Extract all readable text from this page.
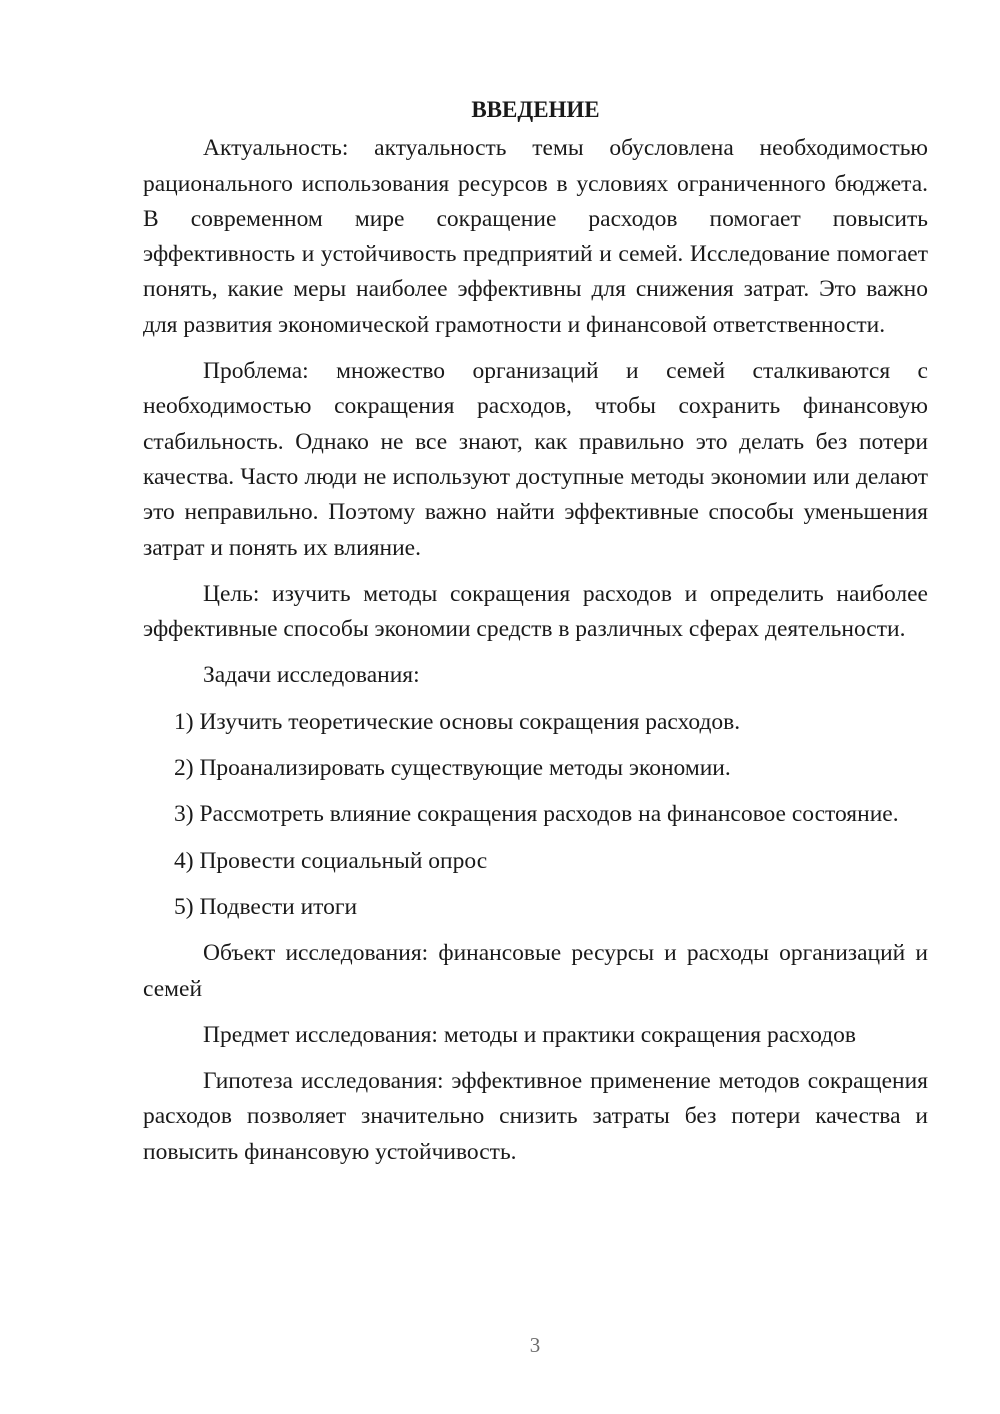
ВВЕДЕНИЕ

Актуальность: актуальность темы обусловлена необходимостью рационального использования ресурсов в условиях ограниченного бюджета. В современном мире сокращение расходов помогает повысить эффективность и устойчивость предприятий и семей. Исследование помогает понять, какие меры наиболее эффективны для снижения затрат. Это важно для развития экономической грамотности и финансовой ответственности.

Проблема: множество организаций и семей сталкиваются с необходимостью сокращения расходов, чтобы сохранить финансовую стабильность. Однако не все знают, как правильно это делать без потери качества. Часто люди не используют доступные методы экономии или делают это неправильно. Поэтому важно найти эффективные способы уменьшения затрат и понять их влияние.

Цель: изучить методы сокращения расходов и определить наиболее эффективные способы экономии средств в различных сферах деятельности.

Задачи исследования:

1) Изучить теоретические основы сокращения расходов.

2) Проанализировать существующие методы экономии.

3) Рассмотреть влияние сокращения расходов на финансовое состояние.

4) Провести социальный опрос

5) Подвести итоги

Объект исследования: финансовые ресурсы и расходы организаций и семей

Предмет исследования: методы и практики сокращения расходов

Гипотеза исследования: эффективное применение методов сокращения расходов позволяет значительно снизить затраты без потери качества и повысить финансовую устойчивость.

3
